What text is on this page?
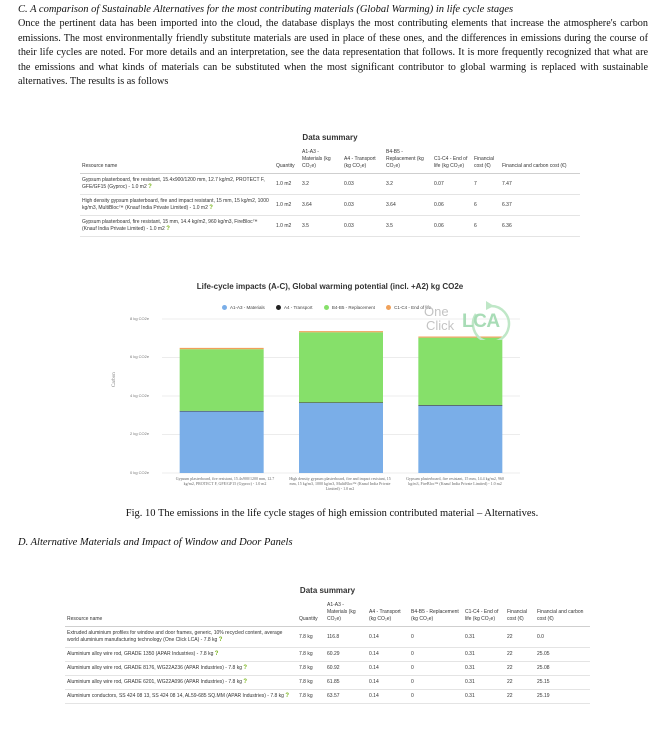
C. A comparison of Sustainable Alternatives for the most contributing materials (Global Warming) in life cycle stages
Once the pertinent data has been imported into the cloud, the database displays the most contributing elements that increase the atmosphere's carbon emissions. The most environmentally friendly substitute materials are used in place of these ones, and the differences in emissions during the course of their life cycles are noted. For more details and an interpretation, see the data representation that follows. It is more frequently recognized that what are the emissions and what kinds of materials can be substituted when the most significant contributor to global warming is replaced with sustainable alternatives. The results is as follows
Data summary
Resource name	Quantity	A1-A3 - Materials (kg CO₂e)	A4 - Transport (kg CO₂e)	B4-B5 - Replacement (kg CO₂e)	C1-C4 - End of life (kg CO₂e)	Financial cost (€)	Financial and carbon cost (€)
Gypsum plasterboard, fire resistant, 15.4x900/1200 mm, 12.7 kg/m2, PROTECT F, GFE/GF15 (Gyproc) - 1.0 m2 ?	1.0 m2	3.2	0.03	3.2	0.07	7	7.47
High density gypsum plasterboard, fire and impact resistant, 15 mm, 15 kg/m2, 1000 kg/m3, MultiBloc™ (Knauf India Private Limited) - 1.0 m2 ?	1.0 m2	3.64	0.03	3.64	0.06	6	6.37
Gypsum plasterboard, fire resistant, 15 mm, 14.4 kg/m2, 960 kg/m3, FireBloc™ (Knauf India Private Limited) - 1.0 m2 ?	1.0 m2	3.5	0.03	3.5	0.06	6	6.36
Life-cycle impacts (A-C), Global warming potential (incl. +A2) kg CO2e
A1-A3 - Materials	A4 - Transport	B4-B5 - Replacement	C1-C4 - End of life
Carbon
0 kg CO2e
2 kg CO2e
4 kg CO2e
6 kg CO2e
8 kg CO2e
Gypsum plasterboard, fire resistant, 15.4x900/1200 mm, 12.7 kg/m2, PROTECT F, GFE/GF15 (Gyproc) - 1.0 m2
High density gypsum plasterboard, fire and impact resistant, 15 mm, 15 kg/m3, 1000 kg/m3, MultiBloc™ (Knauf India Private Limited) - 1.0 m2
Gypsum plasterboard, fire resistant, 15 mm, 14.4 kg/m2, 960 kg/m3, FireBloc™ (Knauf India Private Limited) - 1.0 m2
One
Click LCA
Fig. 10 The emissions in the life cycle stages of high emission contributed material – Alternatives.
D. Alternative Materials and Impact of Window and Door Panels
Data summary
Resource name	Quantity	A1-A3 - Materials (kg CO₂e)	A4 - Transport (kg CO₂e)	B4-B5 - Replacement (kg CO₂e)	C1-C4 - End of life (kg CO₂e)	Financial cost (€)	Financial and carbon cost (€)
Extruded aluminium profiles for window and door frames, generic, 10% recycled content, average world aluminium manufacturing technology (One Click LCA) - 7.8 kg ?	7.8 kg	116.8	0.14	0	0.31	22	0.0
Aluminium alloy wire rod, GRADE 1350 (APAR Industries) - 7.8 kg ?	7.8 kg	60.29	0.14	0	0.31	22	25.05
Aluminium alloy wire rod, GRADE 8176, WG22A236 (APAR Industries) - 7.8 kg ?	7.8 kg	60.92	0.14	0	0.31	22	25.08
Aluminium alloy wire rod, GRADE 6201, WG22A096 (APAR Industries) - 7.8 kg ?	7.8 kg	61.85	0.14	0	0.31	22	25.15
Aluminium conductors, SS 424 08 13, SS 424 08 14, AL59-685 SQ.MM (APAR Industries) - 7.8 kg ?	7.8 kg	63.57	0.14	0	0.31	22	25.19
